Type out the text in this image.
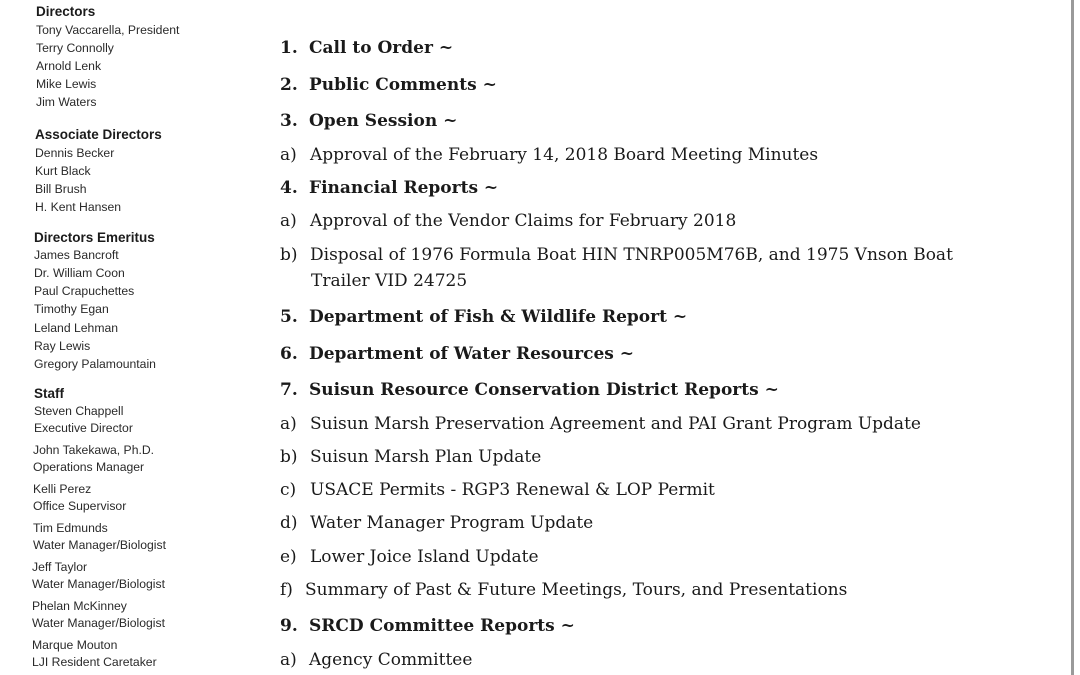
Directors
Tony Vaccarella, President
Terry Connolly
Arnold Lenk
Mike Lewis
Jim Waters
Associate Directors
Dennis Becker
Kurt Black
Bill Brush
H. Kent Hansen
Directors Emeritus
James Bancroft
Dr. William Coon
Paul Crapuchettes
Timothy Egan
Leland Lehman
Ray Lewis
Gregory Palamountain
Staff
Steven Chappell
Executive Director
John Takekawa, Ph.D.
Operations Manager
Kelli Perez
Office Supervisor
Tim Edmunds
Water Manager/Biologist
Jeff Taylor
Water Manager/Biologist
Phelan McKinney
Water Manager/Biologist
Marque Mouton
LJI Resident Caretaker
1. Call to Order ~
2. Public Comments ~
3. Open Session ~
a) Approval of the February 14, 2018 Board Meeting Minutes
4. Financial Reports ~
a) Approval of the Vendor Claims for February 2018
b) Disposal of 1976 Formula Boat HIN TNRP005M76B, and 1975 Vnson Boat
Trailer VID 24725
5. Department of Fish & Wildlife Report ~
6. Department of Water Resources ~
7. Suisun Resource Conservation District Reports ~
a) Suisun Marsh Preservation Agreement and PAI Grant Program Update
b) Suisun Marsh Plan Update
c) USACE Permits - RGP3 Renewal & LOP Permit
d) Water Manager Program Update
e) Lower Joice Island Update
f) Summary of Past & Future Meetings, Tours, and Presentations
9. SRCD Committee Reports ~
a) Agency Committee
